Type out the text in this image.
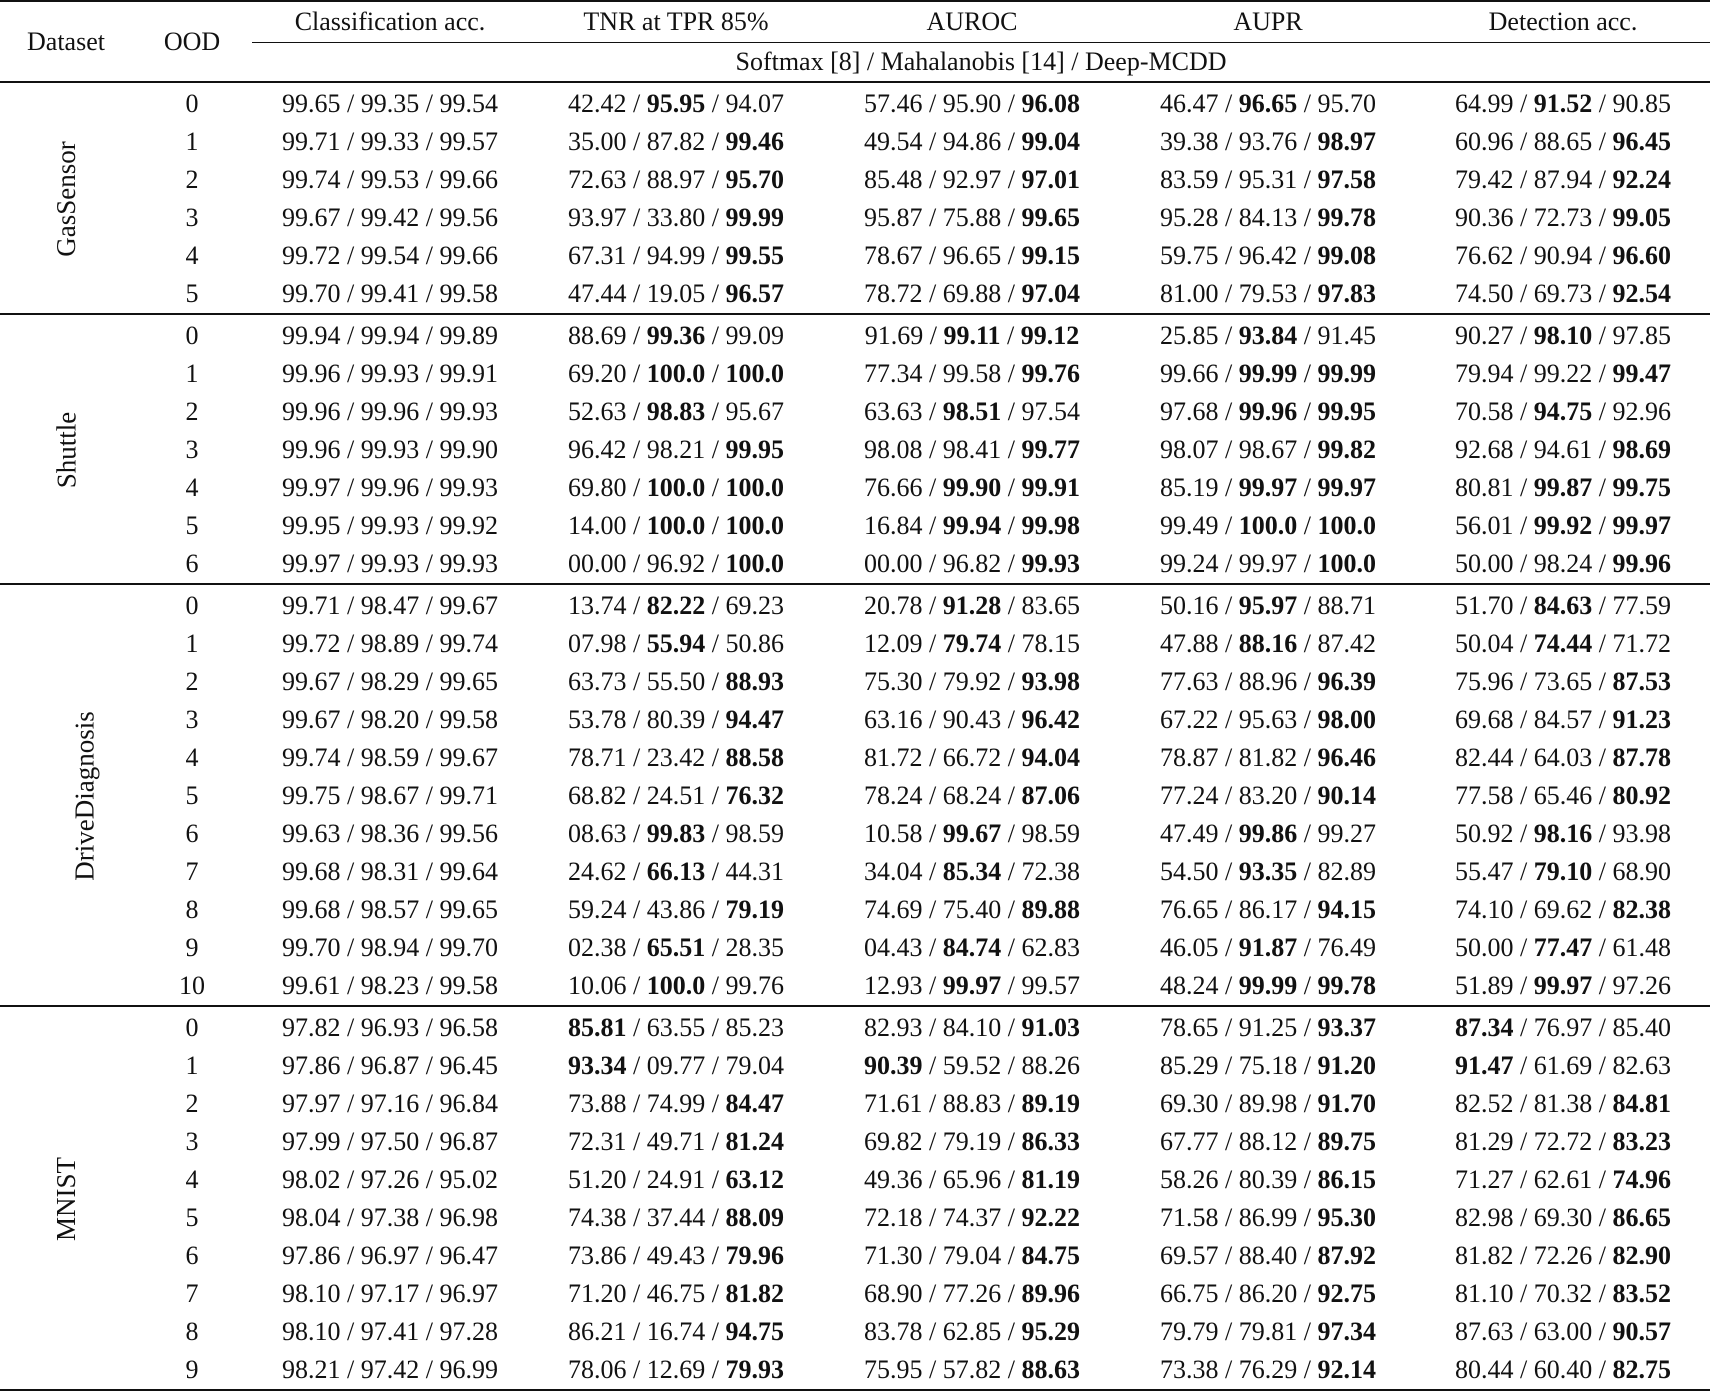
Dataset	OOD	Classification acc.	TNR at TPR 85%	AUROC	AUPR	Detection acc.
		Softmax [8] / Mahalanobis [14] / Deep-MCDD				
GasSensor	0	99.65 / 99.35 / 99.54	42.42 / 95.95 / 94.07	57.46 / 95.90 / 96.08	46.47 / 96.65 / 95.70	64.99 / 91.52 / 90.85
	1	99.71 / 99.33 / 99.57	35.00 / 87.82 / 99.46	49.54 / 94.86 / 99.04	39.38 / 93.76 / 98.97	60.96 / 88.65 / 96.45
	2	99.74 / 99.53 / 99.66	72.63 / 88.97 / 95.70	85.48 / 92.97 / 97.01	83.59 / 95.31 / 97.58	79.42 / 87.94 / 92.24
	3	99.67 / 99.42 / 99.56	93.97 / 33.80 / 99.99	95.87 / 75.88 / 99.65	95.28 / 84.13 / 99.78	90.36 / 72.73 / 99.05
	4	99.72 / 99.54 / 99.66	67.31 / 94.99 / 99.55	78.67 / 96.65 / 99.15	59.75 / 96.42 / 99.08	76.62 / 90.94 / 96.60
	5	99.70 / 99.41 / 99.58	47.44 / 19.05 / 96.57	78.72 / 69.88 / 97.04	81.00 / 79.53 / 97.83	74.50 / 69.73 / 92.54
Shuttle	0	99.94 / 99.94 / 99.89	88.69 / 99.36 / 99.09	91.69 / 99.11 / 99.12	25.85 / 93.84 / 91.45	90.27 / 98.10 / 97.85
	1	99.96 / 99.93 / 99.91	69.20 / 100.0 / 100.0	77.34 / 99.58 / 99.76	99.66 / 99.99 / 99.99	79.94 / 99.22 / 99.47
	2	99.96 / 99.96 / 99.93	52.63 / 98.83 / 95.67	63.63 / 98.51 / 97.54	97.68 / 99.96 / 99.95	70.58 / 94.75 / 92.96
	3	99.96 / 99.93 / 99.90	96.42 / 98.21 / 99.95	98.08 / 98.41 / 99.77	98.07 / 98.67 / 99.82	92.68 / 94.61 / 98.69
	4	99.97 / 99.96 / 99.93	69.80 / 100.0 / 100.0	76.66 / 99.90 / 99.91	85.19 / 99.97 / 99.97	80.81 / 99.87 / 99.75
	5	99.95 / 99.93 / 99.92	14.00 / 100.0 / 100.0	16.84 / 99.94 / 99.98	99.49 / 100.0 / 100.0	56.01 / 99.92 / 99.97
	6	99.97 / 99.93 / 99.93	00.00 / 96.92 / 100.0	00.00 / 96.82 / 99.93	99.24 / 99.97 / 100.0	50.00 / 98.24 / 99.96
DriveDiagnosis	0	99.71 / 98.47 / 99.67	13.74 / 82.22 / 69.23	20.78 / 91.28 / 83.65	50.16 / 95.97 / 88.71	51.70 / 84.63 / 77.59
	1	99.72 / 98.89 / 99.74	07.98 / 55.94 / 50.86	12.09 / 79.74 / 78.15	47.88 / 88.16 / 87.42	50.04 / 74.44 / 71.72
	2	99.67 / 98.29 / 99.65	63.73 / 55.50 / 88.93	75.30 / 79.92 / 93.98	77.63 / 88.96 / 96.39	75.96 / 73.65 / 87.53
	3	99.67 / 98.20 / 99.58	53.78 / 80.39 / 94.47	63.16 / 90.43 / 96.42	67.22 / 95.63 / 98.00	69.68 / 84.57 / 91.23
	4	99.74 / 98.59 / 99.67	78.71 / 23.42 / 88.58	81.72 / 66.72 / 94.04	78.87 / 81.82 / 96.46	82.44 / 64.03 / 87.78
	5	99.75 / 98.67 / 99.71	68.82 / 24.51 / 76.32	78.24 / 68.24 / 87.06	77.24 / 83.20 / 90.14	77.58 / 65.46 / 80.92
	6	99.63 / 98.36 / 99.56	08.63 / 99.83 / 98.59	10.58 / 99.67 / 98.59	47.49 / 99.86 / 99.27	50.92 / 98.16 / 93.98
	7	99.68 / 98.31 / 99.64	24.62 / 66.13 / 44.31	34.04 / 85.34 / 72.38	54.50 / 93.35 / 82.89	55.47 / 79.10 / 68.90
	8	99.68 / 98.57 / 99.65	59.24 / 43.86 / 79.19	74.69 / 75.40 / 89.88	76.65 / 86.17 / 94.15	74.10 / 69.62 / 82.38
	9	99.70 / 98.94 / 99.70	02.38 / 65.51 / 28.35	04.43 / 84.74 / 62.83	46.05 / 91.87 / 76.49	50.00 / 77.47 / 61.48
	10	99.61 / 98.23 / 99.58	10.06 / 100.0 / 99.76	12.93 / 99.97 / 99.57	48.24 / 99.99 / 99.78	51.89 / 99.97 / 97.26
MNIST	0	97.82 / 96.93 / 96.58	85.81 / 63.55 / 85.23	82.93 / 84.10 / 91.03	78.65 / 91.25 / 93.37	87.34 / 76.97 / 85.40
	1	97.86 / 96.87 / 96.45	93.34 / 09.77 / 79.04	90.39 / 59.52 / 88.26	85.29 / 75.18 / 91.20	91.47 / 61.69 / 82.63
	2	97.97 / 97.16 / 96.84	73.88 / 74.99 / 84.47	71.61 / 88.83 / 89.19	69.30 / 89.98 / 91.70	82.52 / 81.38 / 84.81
	3	97.99 / 97.50 / 96.87	72.31 / 49.71 / 81.24	69.82 / 79.19 / 86.33	67.77 / 88.12 / 89.75	81.29 / 72.72 / 83.23
	4	98.02 / 97.26 / 95.02	51.20 / 24.91 / 63.12	49.36 / 65.96 / 81.19	58.26 / 80.39 / 86.15	71.27 / 62.61 / 74.96
	5	98.04 / 97.38 / 96.98	74.38 / 37.44 / 88.09	72.18 / 74.37 / 92.22	71.58 / 86.99 / 95.30	82.98 / 69.30 / 86.65
	6	97.86 / 96.97 / 96.47	73.86 / 49.43 / 79.96	71.30 / 79.04 / 84.75	69.57 / 88.40 / 87.92	81.82 / 72.26 / 82.90
	7	98.10 / 97.17 / 96.97	71.20 / 46.75 / 81.82	68.90 / 77.26 / 89.96	66.75 / 86.20 / 92.75	81.10 / 70.32 / 83.52
	8	98.10 / 97.41 / 97.28	86.21 / 16.74 / 94.75	83.78 / 62.85 / 95.29	79.79 / 79.81 / 97.34	87.63 / 63.00 / 90.57
	9	98.21 / 97.42 / 96.99	78.06 / 12.69 / 79.93	75.95 / 57.82 / 88.63	73.38 / 76.29 / 92.14	80.44 / 60.40 / 82.75
